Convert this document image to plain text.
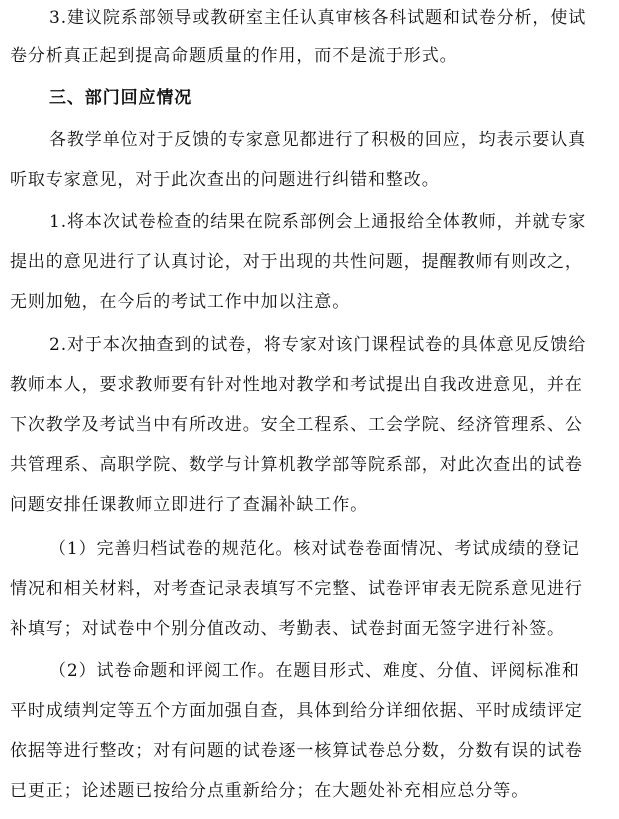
3.建议院系部领导或教研室主任认真审核各科试题和试卷分析，使试
卷分析真正起到提高命题质量的作用，而不是流于形式。
三、部门回应情况
各教学单位对于反馈的专家意见都进行了积极的回应，均表示要认真
听取专家意见，对于此次查出的问题进行纠错和整改。
1.将本次试卷检查的结果在院系部例会上通报给全体教师，并就专家
提出的意见进行了认真讨论，对于出现的共性问题，提醒教师有则改之，
无则加勉，在今后的考试工作中加以注意。
2.对于本次抽查到的试卷，将专家对该门课程试卷的具体意见反馈给
教师本人，要求教师要有针对性地对教学和考试提出自我改进意见，并在
下次教学及考试当中有所改进。安全工程系、工会学院、经济管理系、公
共管理系、高职学院、数学与计算机教学部等院系部，对此次查出的试卷
问题安排任课教师立即进行了查漏补缺工作。
（1）完善归档试卷的规范化。核对试卷卷面情况、考试成绩的登记
情况和相关材料，对考查记录表填写不完整、试卷评审表无院系意见进行
补填写；对试卷中个别分值改动、考勤表、试卷封面无签字进行补签。
（2）试卷命题和评阅工作。在题目形式、难度、分值、评阅标准和
平时成绩判定等五个方面加强自查，具体到给分详细依据、平时成绩评定
依据等进行整改；对有问题的试卷逐一核算试卷总分数，分数有误的试卷
已更正；论述题已按给分点重新给分；在大题处补充相应总分等。
